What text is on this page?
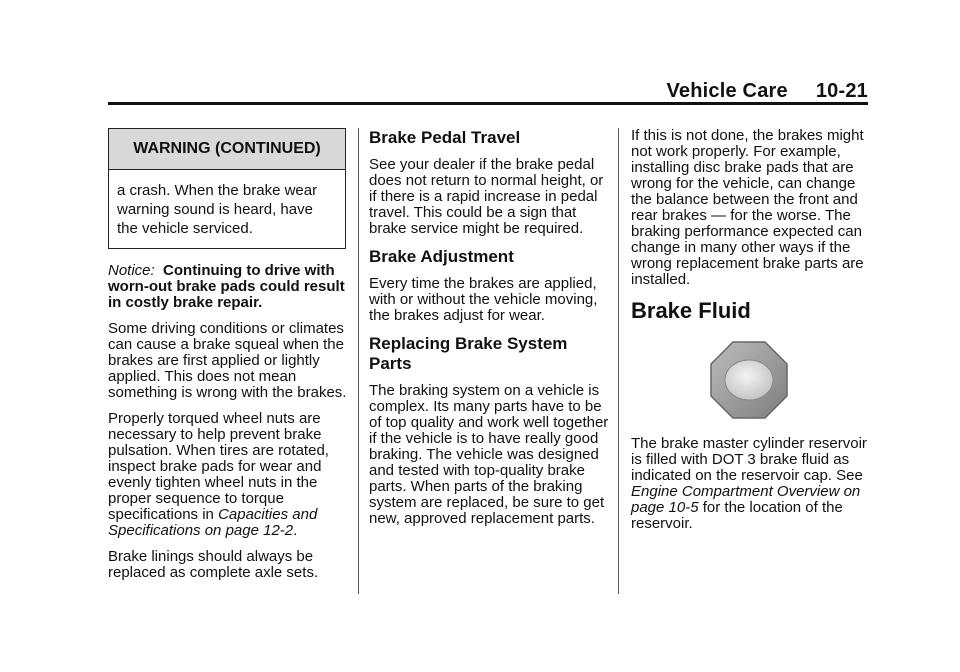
Vehicle Care 10-21
WARNING (CONTINUED)
a crash. When the brake wear warning sound is heard, have the vehicle serviced.

Notice: Continuing to drive with worn-out brake pads could result in costly brake repair.

Some driving conditions or climates can cause a brake squeal when the brakes are first applied or lightly applied. This does not mean something is wrong with the brakes.

Properly torqued wheel nuts are necessary to help prevent brake pulsation. When tires are rotated, inspect brake pads for wear and evenly tighten wheel nuts in the proper sequence to torque specifications in Capacities and Specifications on page 12-2.

Brake linings should always be replaced as complete axle sets.

Brake Pedal Travel

See your dealer if the brake pedal does not return to normal height, or if there is a rapid increase in pedal travel. This could be a sign that brake service might be required.

Brake Adjustment

Every time the brakes are applied, with or without the vehicle moving, the brakes adjust for wear.

Replacing Brake System Parts

The braking system on a vehicle is complex. Its many parts have to be of top quality and work well together if the vehicle is to have really good braking. The vehicle was designed and tested with top-quality brake parts. When parts of the braking system are replaced, be sure to get new, approved replacement parts.

If this is not done, the brakes might not work properly. For example, installing disc brake pads that are wrong for the vehicle, can change the balance between the front and rear brakes — for the worse. The braking performance expected can change in many other ways if the wrong replacement brake parts are installed.

Brake Fluid

The brake master cylinder reservoir is filled with DOT 3 brake fluid as indicated on the reservoir cap. See Engine Compartment Overview on page 10-5 for the location of the reservoir.
